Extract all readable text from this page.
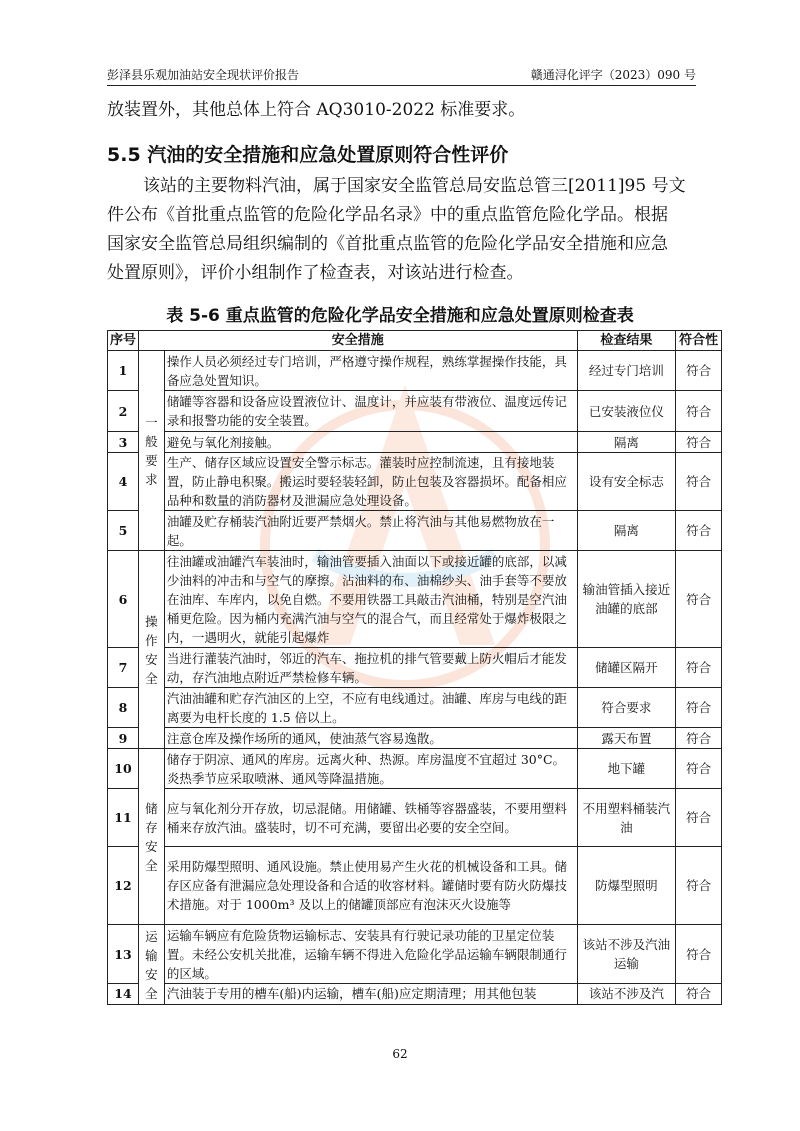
彭泽县乐观加油站安全现状评价报告	赣通浔化评字（2023）090 号
放装置外，其他总体上符合 AQ3010-2022 标准要求。
5.5 汽油的安全措施和应急处置原则符合性评价
该站的主要物料汽油，属于国家安全监管总局安监总管三[2011]95 号文
件公布《首批重点监管的危险化学品名录》中的重点监管危险化学品。根据
国家安全监管总局组织编制的《首批重点监管的危险化学品安全措施和应急
处置原则》，评价小组制作了检查表，对该站进行检查。
表 5-6 重点监管的危险化学品安全措施和应急处置原则检查表
序号	安全措施		检查结果	符合性
1	一般要求	操作人员必须经过专门培训，严格遵守操作规程，熟练掌握操作技能，具备应急处置知识。	经过专门培训	符合
2		储罐等容器和设备应设置液位计、温度计，并应装有带液位、温度远传记录和报警功能的安全装置。	已安装液位仪	符合
3		避免与氧化剂接触。	隔离	符合
4		生产、储存区域应设置安全警示标志。灌装时应控制流速，且有接地装置，防止静电积聚。搬运时要轻装轻卸，防止包装及容器损坏。配备相应品种和数量的消防器材及泄漏应急处理设备。	设有安全标志	符合
5		油罐及贮存桶装汽油附近要严禁烟火。禁止将汽油与其他易燃物放在一起。	隔离	符合
6	操作安全	往油罐或油罐汽车装油时，输油管要插入油面以下或接近罐的底部，以减少油料的冲击和与空气的摩擦。沾油料的布、油棉纱头、油手套等不要放在油库、车库内，以免自燃。不要用铁器工具敲击汽油桶，特别是空汽油桶更危险。因为桶内充满汽油与空气的混合气，而且经常处于爆炸极限之内，一遇明火，就能引起爆炸	输油管插入接近油罐的底部	符合
7		当进行灌装汽油时，邻近的汽车、拖拉机的排气管要戴上防火帽后才能发动，存汽油地点附近严禁检修车辆。	储罐区隔开	符合
8		汽油油罐和贮存汽油区的上空，不应有电线通过。油罐、库房与电线的距离要为电杆长度的 1.5 倍以上。	符合要求	符合
9		注意仓库及操作场所的通风，使油蒸气容易逸散。	露天布置	符合
10	储存安全	储存于阴凉、通风的库房。远离火种、热源。库房温度不宜超过 30°C。炎热季节应采取喷淋、通风等降温措施。	地下罐	符合
11		应与氧化剂分开存放，切忌混储。用储罐、铁桶等容器盛装，不要用塑料桶来存放汽油。盛装时，切不可充满，要留出必要的安全空间。	不用塑料桶装汽油	符合
12		采用防爆型照明、通风设施。禁止使用易产生火花的机械设备和工具。储存区应备有泄漏应急处理设备和合适的收容材料。罐储时要有防火防爆技术措施。对于 1000m³ 及以上的储罐顶部应有泡沫灭火设施等	防爆型照明	符合
13	运输安全	运输车辆应有危险货物运输标志、安装具有行驶记录功能的卫星定位装置。未经公安机关批准，运输车辆不得进入危险化学品运输车辆限制通行的区域。	该站不涉及汽油运输	符合
14		汽油装于专用的槽车(船)内运输，槽车(船)应定期清理；用其他包装	该站不涉及汽	符合
62
